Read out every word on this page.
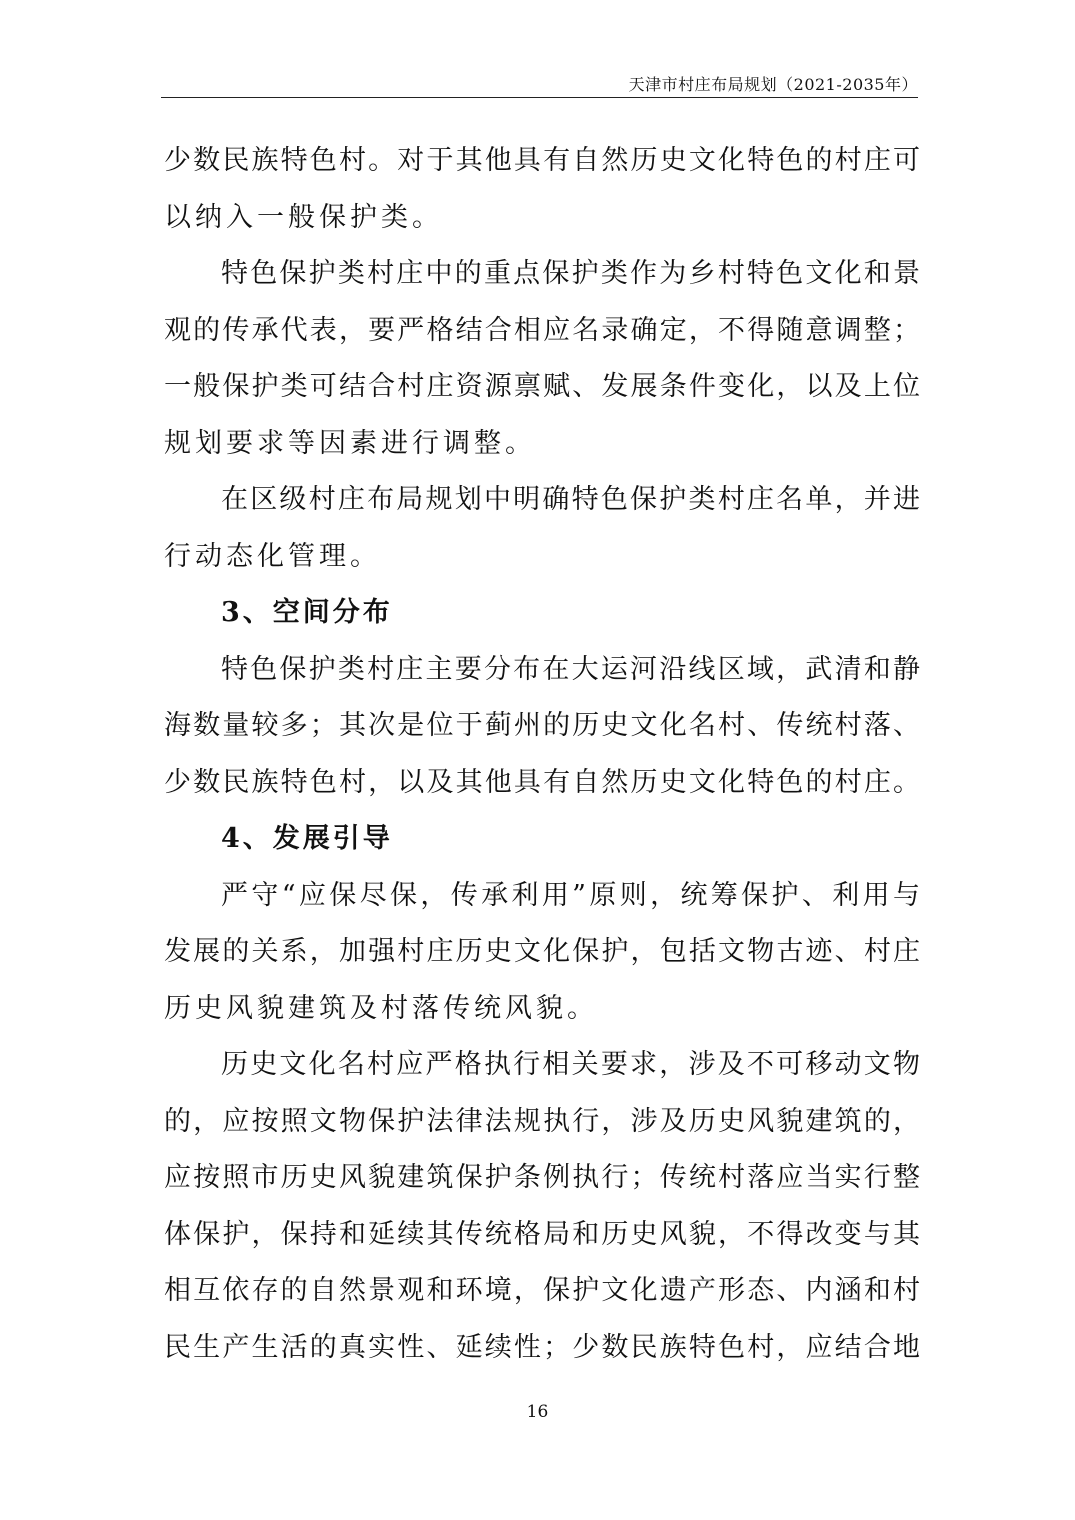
天津市村庄布局规划（2021-2035年）
少数民族特色村。对于其他具有自然历史文化特色的村庄可
以纳入一般保护类。
特色保护类村庄中的重点保护类作为乡村特色文化和景
观的传承代表，要严格结合相应名录确定，不得随意调整；
一般保护类可结合村庄资源禀赋、发展条件变化，以及上位
规划要求等因素进行调整。
在区级村庄布局规划中明确特色保护类村庄名单，并进
行动态化管理。
3、空间分布
特色保护类村庄主要分布在大运河沿线区域，武清和静
海数量较多；其次是位于蓟州的历史文化名村、传统村落、
少数民族特色村，以及其他具有自然历史文化特色的村庄。
4、发展引导
严守“应保尽保，传承利用”原则，统筹保护、利用与
发展的关系，加强村庄历史文化保护，包括文物古迹、村庄
历史风貌建筑及村落传统风貌。
历史文化名村应严格执行相关要求，涉及不可移动文物
的，应按照文物保护法律法规执行，涉及历史风貌建筑的，
应按照市历史风貌建筑保护条例执行；传统村落应当实行整
体保护，保持和延续其传统格局和历史风貌，不得改变与其
相互依存的自然景观和环境，保护文化遗产形态、内涵和村
民生产生活的真实性、延续性；少数民族特色村，应结合地
16
